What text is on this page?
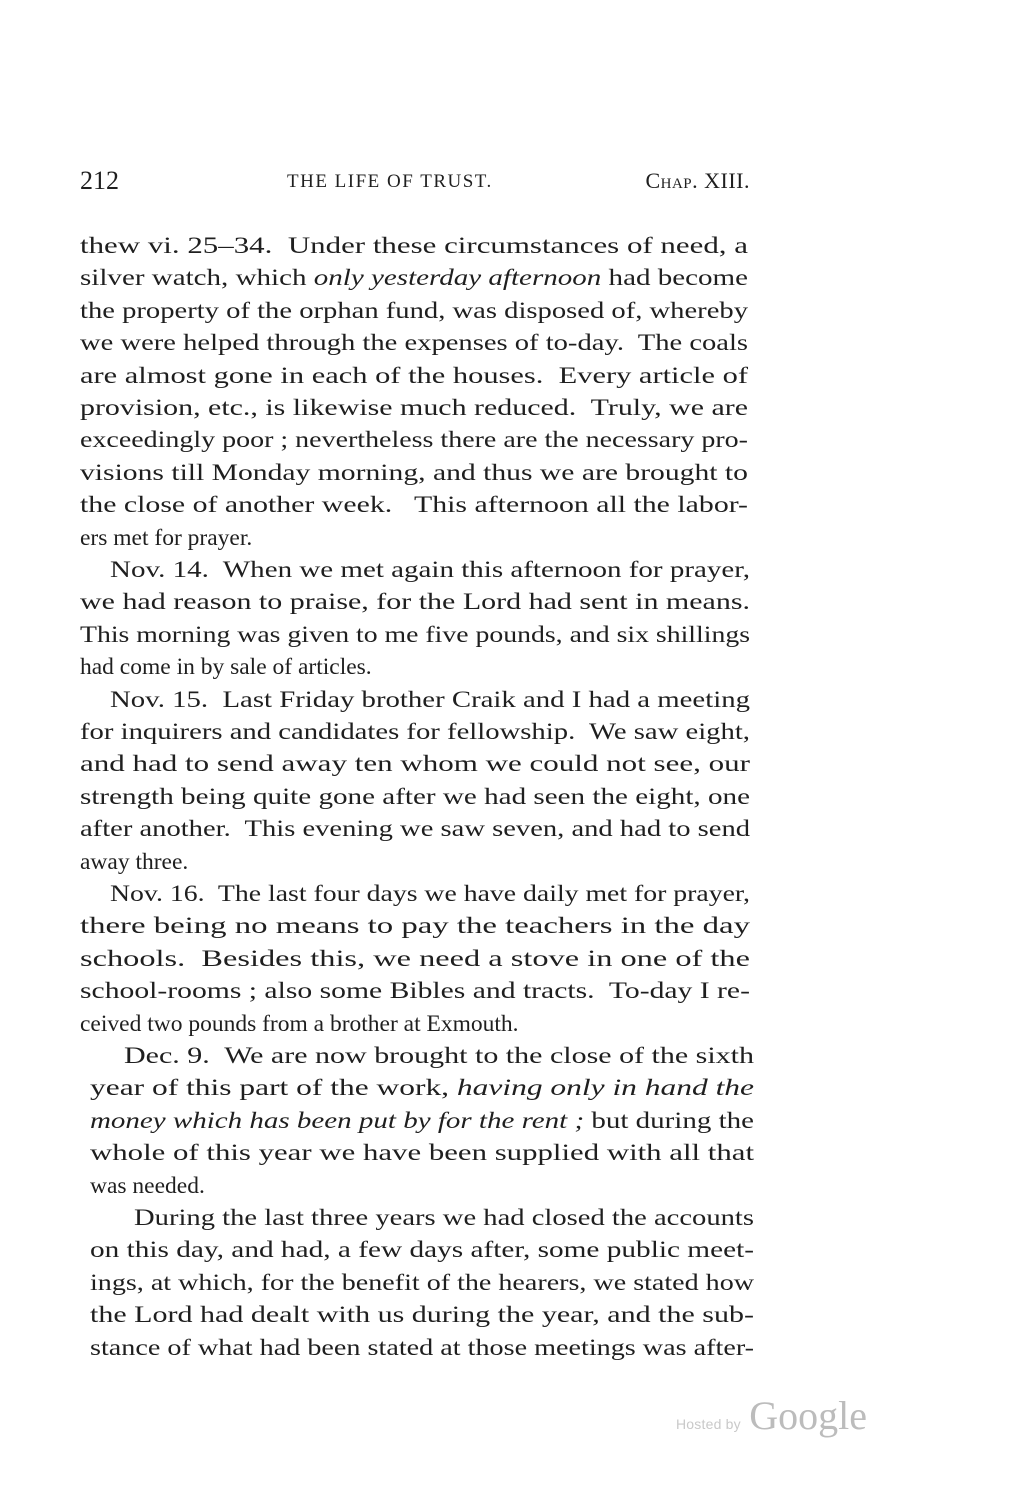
212	THE LIFE OF TRUST.	Chap. XIII.

thew vi. 25–34.  Under these circumstances of need, a

silver watch, which only yesterday afternoon had become

the property of the orphan fund, was disposed of, whereby

we were helped through the expenses of to-day.  The coals

are almost gone in each of the houses.  Every article of

provision, etc., is likewise much reduced.  Truly, we are

exceedingly poor ; nevertheless there are the necessary pro-

visions till Monday morning, and thus we are brought to

the close of another week.   This afternoon all the labor-

ers met for prayer.

Nov. 14.  When we met again this afternoon for prayer,

we had reason to praise, for the Lord had sent in means.

This morning was given to me five pounds, and six shillings

had come in by sale of articles.

Nov. 15.  Last Friday brother Craik and I had a meeting

for inquirers and candidates for fellowship.  We saw eight,

and had to send away ten whom we could not see, our

strength being quite gone after we had seen the eight, one

after another.  This evening we saw seven, and had to send

away three.

Nov. 16.  The last four days we have daily met for prayer,

there being no means to pay the teachers in the day

schools.  Besides this, we need a stove in one of the

school-rooms ; also some Bibles and tracts.  To-day I re-

ceived two pounds from a brother at Exmouth.

Dec. 9.  We are now brought to the close of the sixth

year of this part of the work, having only in hand the

money which has been put by for the rent ; but during the

whole of this year we have been supplied with all that

was needed.

During the last three years we had closed the accounts

on this day, and had, a few days after, some public meet-

ings, at which, for the benefit of the hearers, we stated how

the Lord had dealt with us during the year, and the sub-

stance of what had been stated at those meetings was after-

Hosted by Google
